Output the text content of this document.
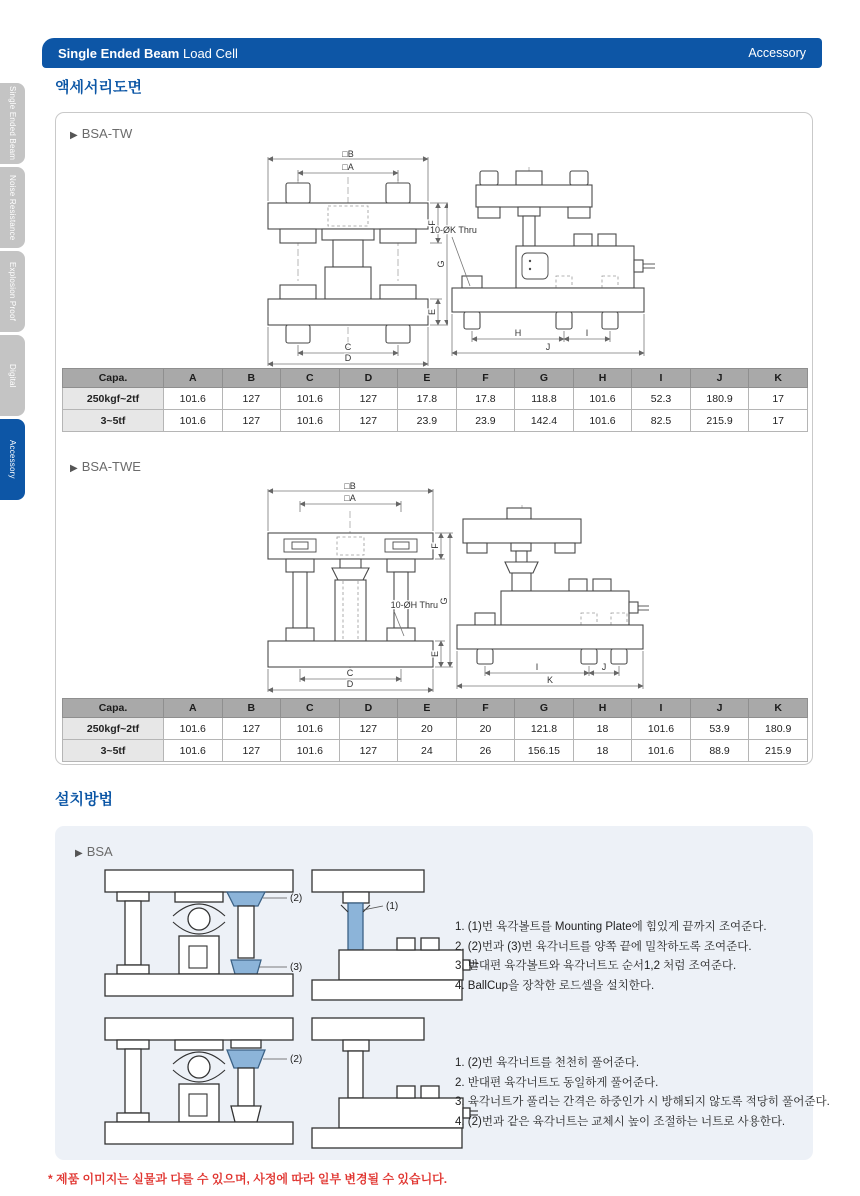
Single Ended Beam Load Cell	Accessory
Single Ended Beam
Noise Resistance
Explosion Proof
Digital
Accessory
액세서리도면
▶ BSA-TW
□B
□A
F
G
E
C
D
10-ØK Thru
H	I
J
Capa.	A	B	C	D	E	F	G	H	I	J	K
250kgf~2tf	101.6	127	101.6	127	17.8	17.8	118.8	101.6	52.3	180.9	17
3~5tf	101.6	127	101.6	127	23.9	23.9	142.4	101.6	82.5	215.9	17
▶ BSA-TWE
□B
□A
10-ØH Thru
F
G
E
C
D
I	J
K
Capa.	A	B	C	D	E	F	G	H	I	J	K
250kgf~2tf	101.6	127	101.6	127	20	20	121.8	18	101.6	53.9	180.9
3~5tf	101.6	127	101.6	127	24	26	156.15	18	101.6	88.9	215.9
설치방법
▶ BSA
(2)
(3)
(1)
(2)
1. (1)번 육각볼트를 Mounting Plate에 힘있게 끝까지 조여준다.
2. (2)번과 (3)번 육각너트를 양쪽 끝에 밀착하도록 조여준다.
3. 반대편 육각볼트와 육각너트도 순서1,2 처럼 조여준다.
4. BallCup을 장착한 로드셀을 설치한다.
1. (2)번 육각너트를 천천히 풀어준다.
2. 반대편 육각너트도 동일하게 풀어준다.
3. 육각너트가 풀리는 간격은 하중인가 시 방해되지 않도록 적당히 풀어준다.
4. (2)번과 같은 육각너트는 교체시 높이 조절하는 너트로 사용한다.
* 제품 이미지는 실물과 다를 수 있으며, 사정에 따라 일부 변경될 수 있습니다.
